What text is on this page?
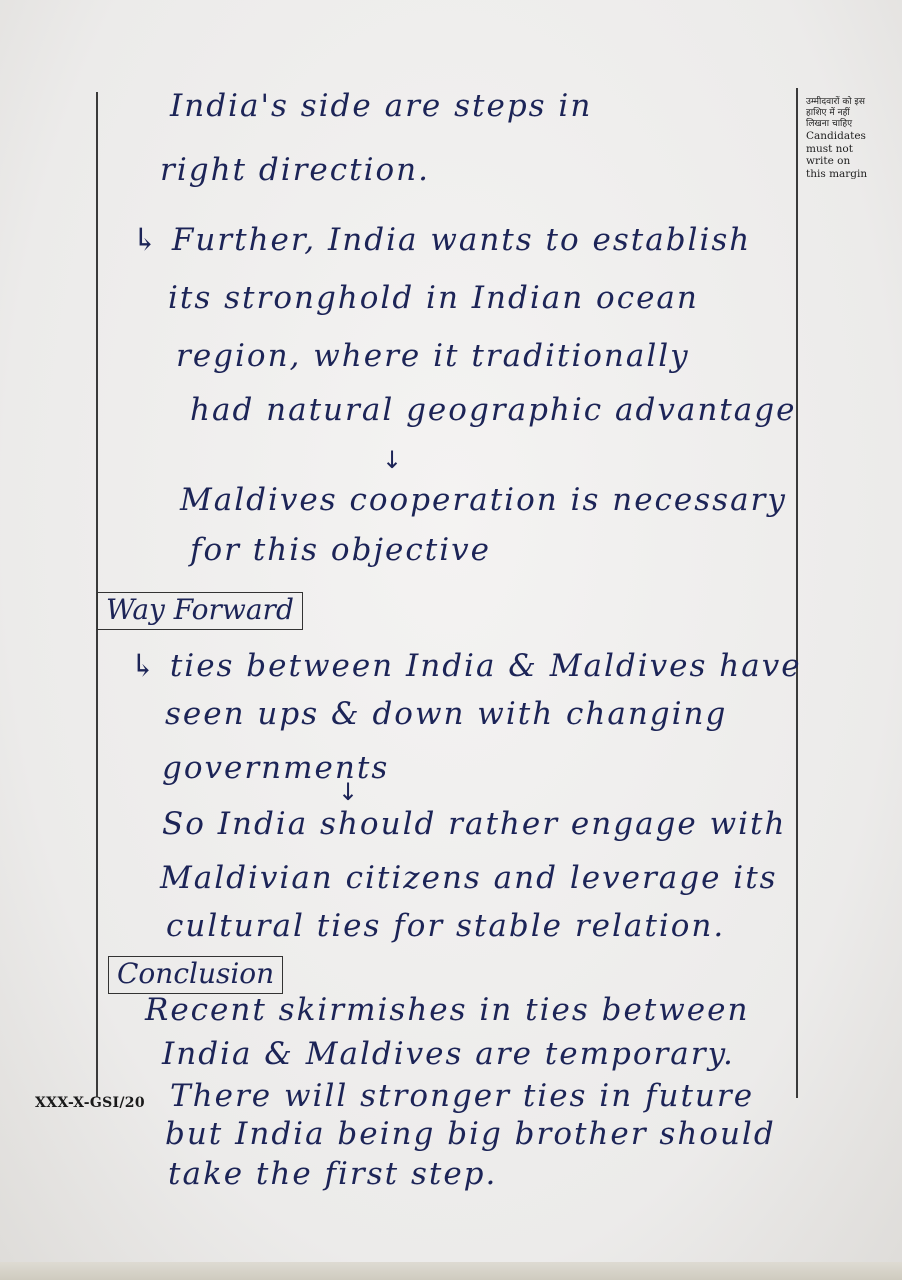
उम्मीदवारों को इस
हाशिए में नहीं
लिखना चाहिए
Candidates
must not
write on
this margin
India's side are steps in
right direction.
↳ Further, India wants to establish
its stronghold in Indian ocean
region, where it traditionally
had natural geographic advantage
↓
Maldives cooperation is necessary
for this objective
Way Forward
↳ ties between India & Maldives have
seen ups & down with changing
governments
↓
So India should rather engage with
Maldivian citizens and leverage its
cultural ties for stable relation.
Conclusion
Recent skirmishes in ties between
India & Maldives are temporary.
There will stronger ties in future
but India being big brother should
take the first step.
XXX-X-GSI/20
